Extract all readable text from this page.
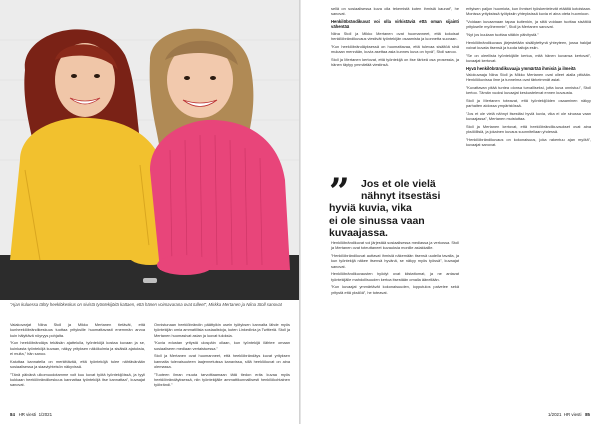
”Ajan kuluessa tähty heeklökeskus on sivistä työntekijöitä kattaen, että hänen voimavarana ovat tulleet”, Mirkka Mertanen ja Niina Stoll sanovat

Vaiakovarjat Niina Stoll ja Mikko Mertanen tietävät, että kunheeklöbrändikeskuus tuottaa yrityksille huomattavasti enemmän arvoa kuin hälyttävä nöyryys pohjalta.

”Kun heeklöbrändäys tekäisän ajattelulla, työnteköjä kostaa kuvaan ja se, kuinkasta työnteköjä kuvaan, näkyy yrityksen näkökulmia ja sisäisiä ajatuksia, ei muita,” hän sanoo.

Kaiuttaa kannatella on merkittävää, että työnteköjä tulee nähtävänään sosiaalisessa ja siaaviyhteisön näkyvissä.

”Tänä päivänä ulkomuodotamme voit kuu kovat työtä työntekijöissä, ja tyyli kukkaan heeklöbrändikeskuus kannattaa työnteköjä itse kannattaa”, kuvaajat sanovat.

Onnistunaan heeklöbrändin päättyikin usein työtyksen kannalta lähde myös työntekijän omia ammatillisia sosiaalistoja, kuten LinkedInia ja Twitteriä. Stoll ja Mertanen huomasivat asian ja luovat tuloksia.

”Kuvia edustan yritystä ulospäin ollaan, kun työntekijä ilähtee omaan sosiaaliseen mediaan vertaistuessa.”

Stoll ja Mertanen ovat huomanneet, että heeklöbrändäys kuvat yrityksen kannalta tulevaisuuteen laajennetuissa kanavissa, sillä heeklökuvat on aina olemassa.

”Tuoteen ilman muuta tarvoittaamaan tätä tiedon eräs kuvaa myös heeklöbrändäyksessä, niin työntekijälle ammattikunnallisesti henkilökohtainen työbrändi.”

84 HR viesti 1/2021

sellä on sosiaalisessa kuva olla tekemistä kuten ihmisiä kaunat”, he sanovat.

Henkilöbrändikuvat voi olla virkistäviä että oman sijainti vähentää

Niina Stoll ja Mikko Mertanen ovat huomanneet, että kokoisat henkilöbrändikuvaus viestivät työntekijän osaamista ja luonnetta suoraan.

”Kun heeklöbrändäyksessä on huomattavaa, että tulevaa sisältöä sinä mukaan mennään, kuvia asettaa asia kunnes kuva on hyvä”, Stoll sanoo.

Stoll ja Mertanen kertovat, että työntekijä on itse tärkeä osa prosessia, ja hänen täytyy ymmärtää viestinsä.

”	Jos et ole vielä
nähnyt itsestäsi
hyviä kuvia, vika
ei ole sinussa vaan
kuvaajassa.

Henkilöbrändikuvat voi järjestää sosiaalisessa mediassa ja verkossa. Stoll ja Mertanen ovat toteuttaneet kuvauksia monille asiakkaille.

”Henkilöbrändikuvat auttavat ihmisiä näkemään itsensä uudella tavalla, ja kun työntekijä näkee itsensä hyvänä, se näkyy myös työssä”, kuvaajat sanovat.

Henkilöbrändikuvausten hyödyt ovat kiistattomat, ja ne antavat työntekijälle mahdollisuuden kertoa itsestään omalla äänellään.

”Kun kuvaajat ymmärtävät kokonaisuuden, lopputulos palvelee sekä yritystä että yksilöä”, he toteavat.

erityisen paljon huomiota, kun ihmiset työskentelevät etäältä kotoistaan. Monissa yrityksissä työtyksiin yhteyksissä kuvia ei aina oteta huomioon.

”Voidaan kuvaamaan tapaa kuitenkin, ja siitä voidaan tuottaa sisältöä yritykselle myöhemmin”, Stoll ja Mertanen sanovat.

”Nyt jos kuulaan tuottaa sitäkin päivitystä.”

Henkilöbrändikuvaus järjestetään sisällytettynä yhteyteen, jossa hakijat voivat kuvata itsensä ja tuoda taitoja esiin.

”Se on oleellista työntekijälle kertoa, mitä hänen kuvansa kertovat”, kuvaajat kertovat.

Hyvä henkilöbrändikuvaaja ymmärtää ihmisiä ja ilmeitä

Valokuvaaja Niina Stoll ja Mikko Mertanen ovat olleet alalla pitkään. Henkilökuvissa ilme ja tunnelma ovat tärkeimmät asiat.

”Kuvattavan pitää tuntea olonsa turvalliseksi, jotta kuva onnistuu”, Stoll kertoo. Tämän vuoksi kuvaajat keskustelevat ennen kuvausta.

Stoll ja Mertanen toteavat, että työntekijöiden osaaminen näkyy parhaiten aidossa ympäristössä.

”Jos et ole vielä nähnyt itsestäsi hyviä kuvia, vika ei ole sinussa vaan kuvaajassa”, Mertanen muistuttaa.

Stoll ja Mertanen kertovat, että heeklöbrändikuvaukset ovat aina yksilöllisiä, ja jokainen kuvaus suunnitellaan yhdessä.

”Henkilöbrändikuvaus on kokonaisuus, joka rakentuu ajan myötä”, kuvaajat sanovat.

1/2021 HR viesti 85
